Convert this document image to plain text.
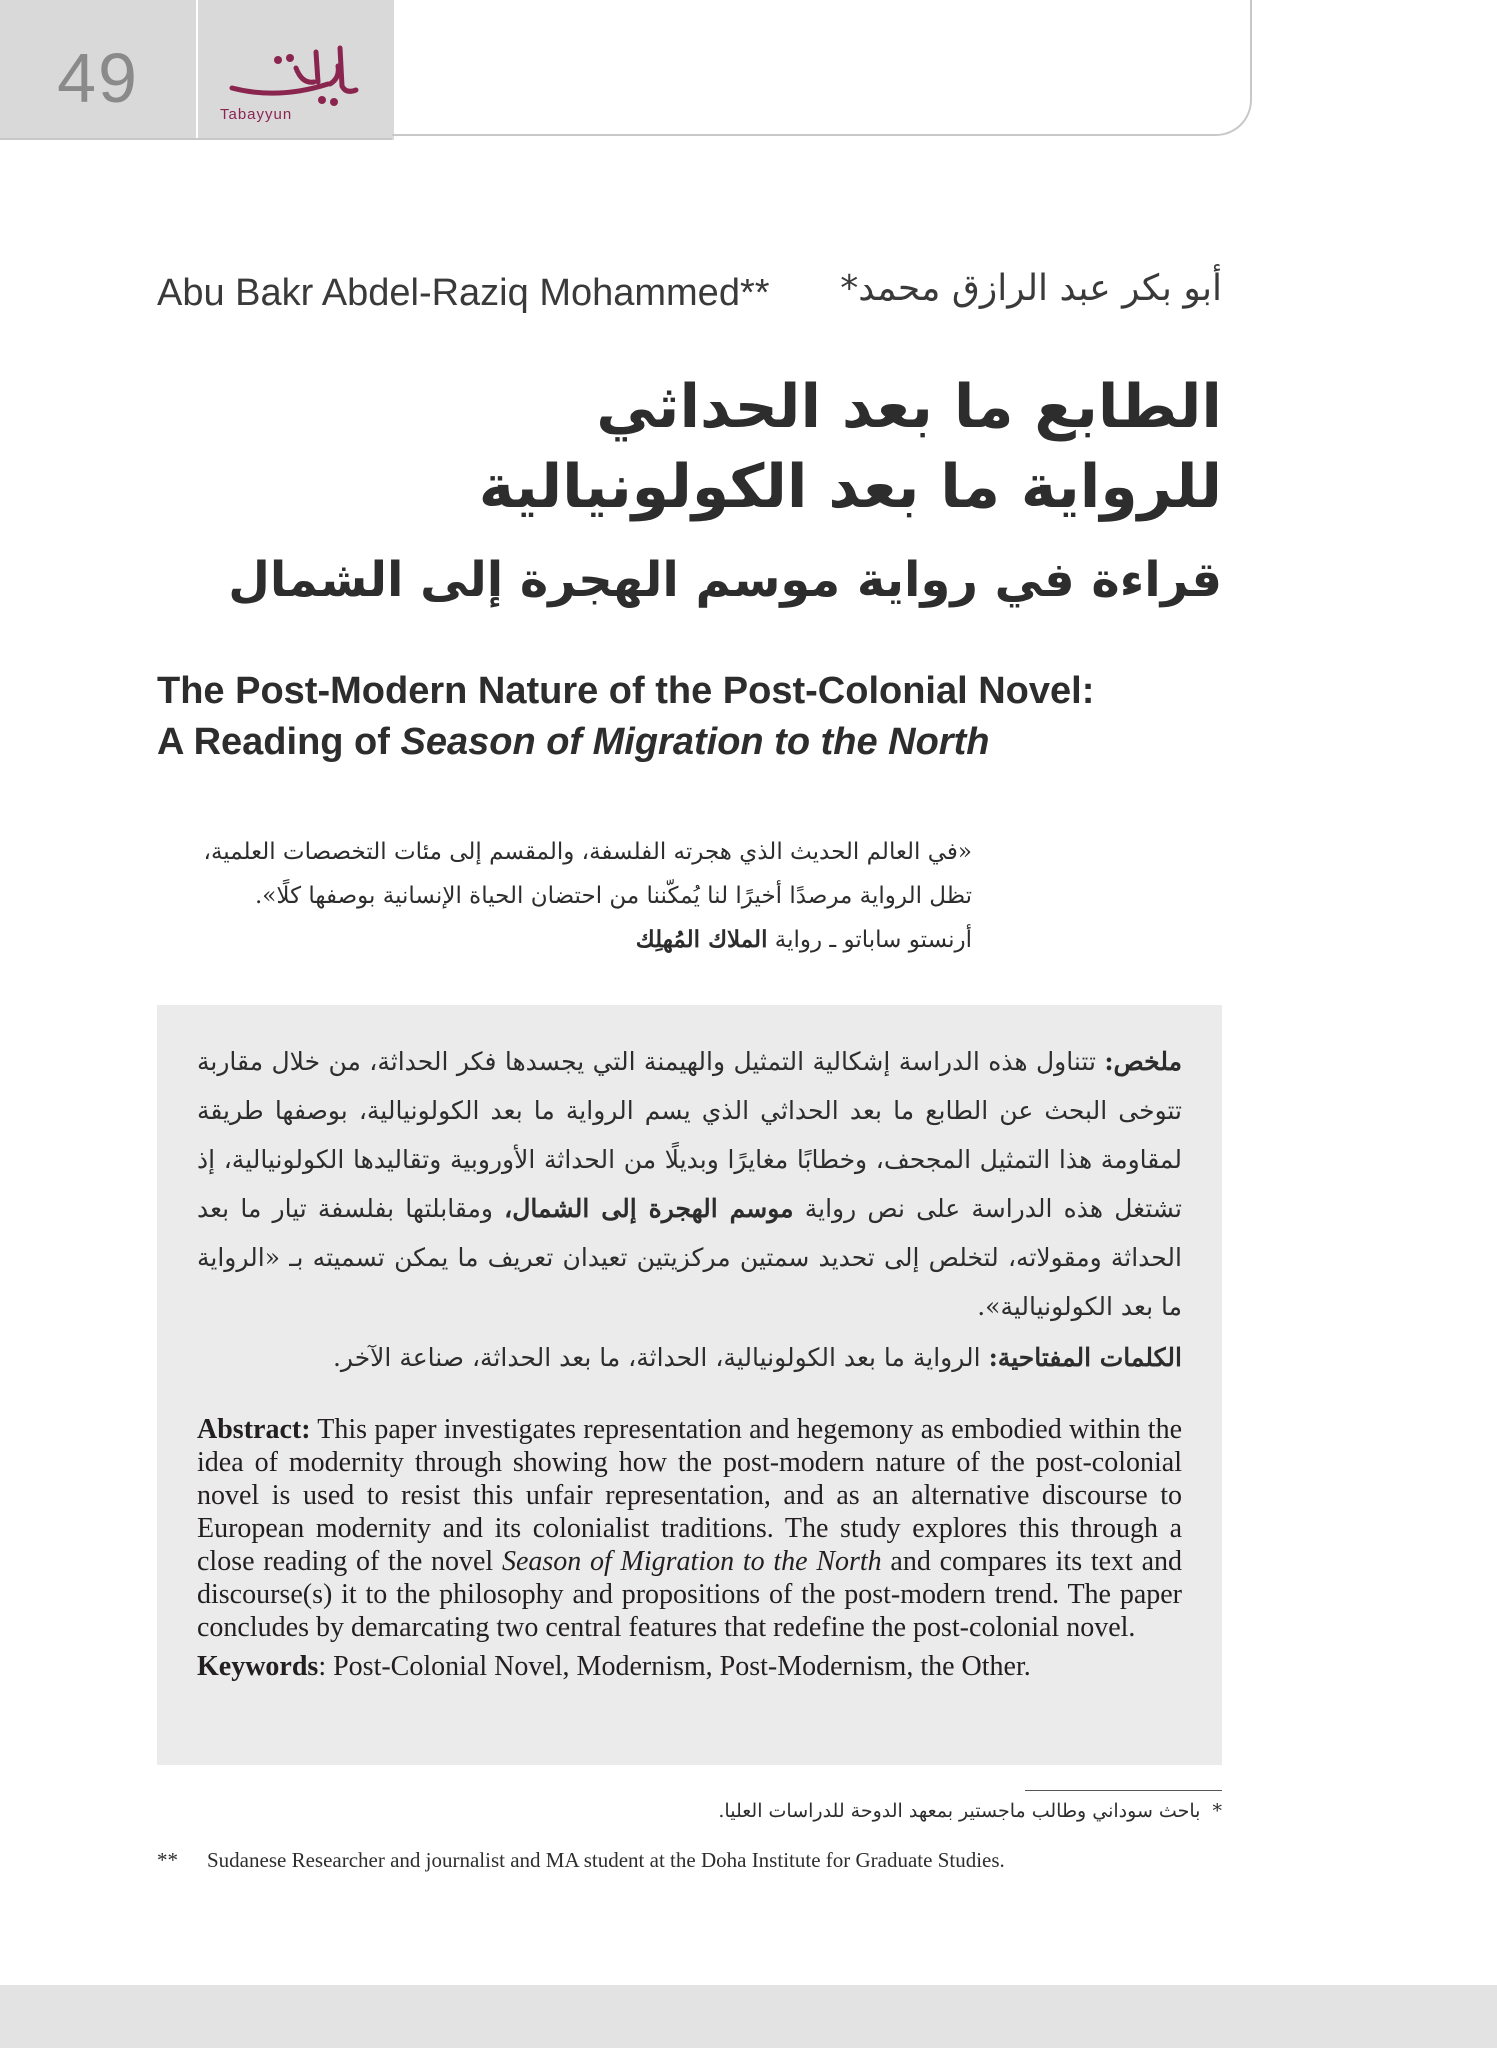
49	Tabayyun
Abu Bakr Abdel-Raziq Mohammed** أبو بكر عبد الرازق محمد*
الطابع ما بعد الحداثي
للرواية ما بعد الكولونيالية
قراءة في رواية موسم الهجرة إلى الشمال
The Post-Modern Nature of the Post-Colonial Novel:
A Reading of Season of Migration to the North
«في العالم الحديث الذي هجرته الفلسفة، والمقسم إلى مئات التخصصات العلمية،
تظل الرواية مرصدًا أخيرًا لنا يُمكّننا من احتضان الحياة الإنسانية بوصفها كلًا».
أرنستو ساباتو ـ رواية الملاك المُهلِك

ملخص: تتناول هذه الدراسة إشكالية التمثيل والهيمنة التي يجسدها فكر الحداثة، من خلال مقاربة تتوخى البحث عن الطابع ما بعد الحداثي الذي يسم الرواية ما بعد الكولونيالية، بوصفها طريقة لمقاومة هذا التمثيل المجحف، وخطابًا مغايرًا وبديلًا من الحداثة الأوروبية وتقاليدها الكولونيالية، إذ تشتغل هذه الدراسة على نص رواية موسم الهجرة إلى الشمال، ومقابلتها بفلسفة تيار ما بعد الحداثة ومقولاته، لتخلص إلى تحديد سمتين مركزيتين تعيدان تعريف ما يمكن تسميته بـ «الرواية ما بعد الكولونيالية».

الكلمات المفتاحية: الرواية ما بعد الكولونيالية، الحداثة، ما بعد الحداثة، صناعة الآخر.

Abstract: This paper investigates representation and hegemony as embodied within the idea of modernity through showing how the post-modern nature of the post-colonial novel is used to resist this unfair representation, and as an alternative discourse to European modernity and its colonialist traditions. The study explores this through a close reading of the novel Season of Migration to the North and compares its text and discourse(s) it to the philosophy and propositions of the post-modern trend. The paper concludes by demarcating two central features that redefine the post-colonial novel.

Keywords: Post-Colonial Novel, Modernism, Post-Modernism, the Other.

*  باحث سوداني وطالب ماجستير بمعهد الدوحة للدراسات العليا.
** Sudanese Researcher and journalist and MA student at the Doha Institute for Graduate Studies.
